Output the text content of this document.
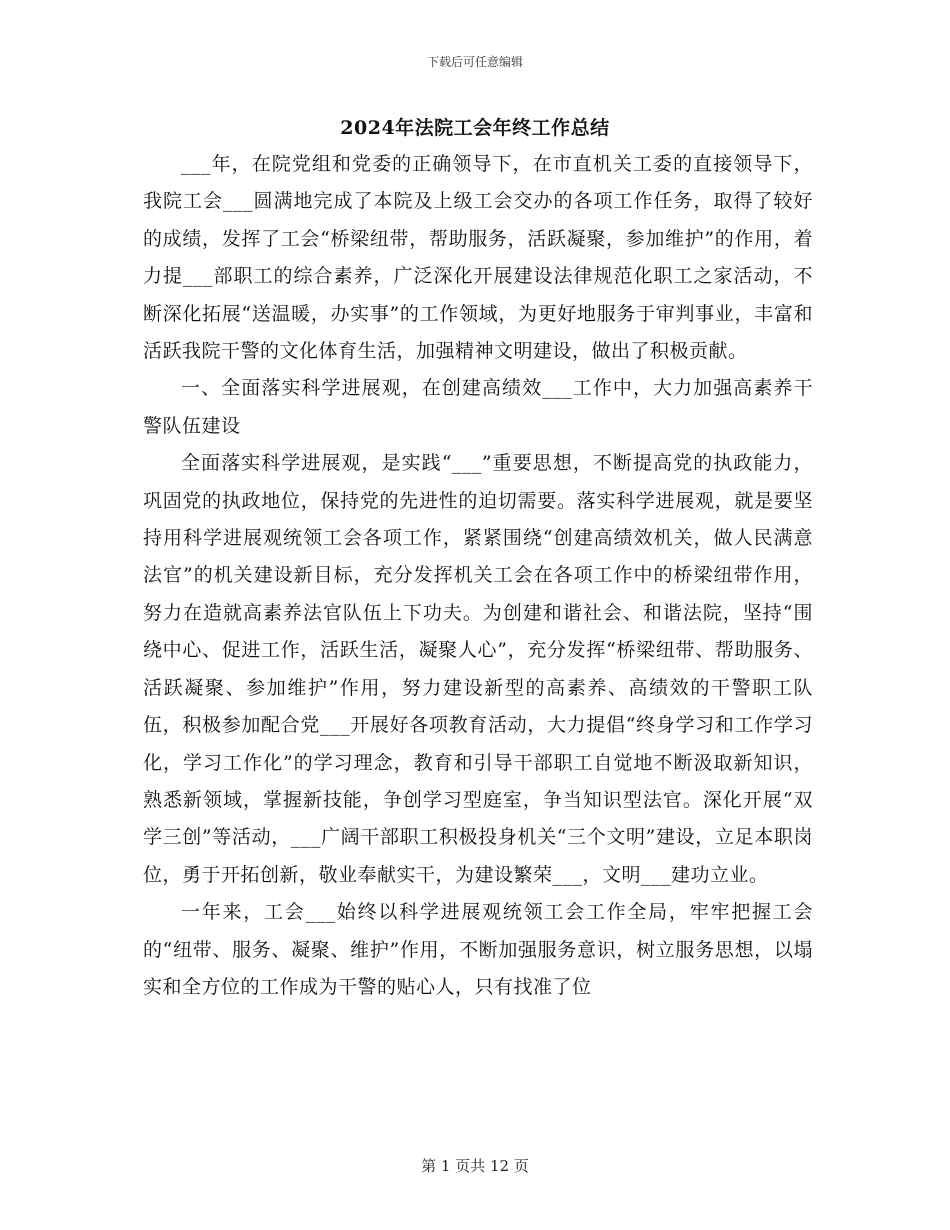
下载后可任意编辑
2024年法院工会年终工作总结

___年，在院党组和党委的正确领导下，在市直机关工委的直接领导下，我院工会___圆满地完成了本院及上级工会交办的各项工作任务，取得了较好的成绩，发挥了工会“桥梁纽带，帮助服务，活跃凝聚，参加维护”的作用，着力提___部职工的综合素养，广泛深化开展建设法律规范化职工之家活动，不断深化拓展“送温暖，办实事”的工作领域，为更好地服务于审判事业，丰富和活跃我院干警的文化体育生活，加强精神文明建设，做出了积极贡献。

一、全面落实科学进展观，在创建高绩效___工作中，大力加强高素养干警队伍建设

全面落实科学进展观，是实践“___”重要思想，不断提高党的执政能力，巩固党的执政地位，保持党的先进性的迫切需要。落实科学进展观，就是要坚持用科学进展观统领工会各项工作，紧紧围绕“创建高绩效机关，做人民满意法官”的机关建设新目标，充分发挥机关工会在各项工作中的桥梁纽带作用，努力在造就高素养法官队伍上下功夫。为创建和谐社会、和谐法院，坚持“围绕中心、促进工作，活跃生活，凝聚人心”，充分发挥“桥梁纽带、帮助服务、活跃凝聚、参加维护”作用，努力建设新型的高素养、高绩效的干警职工队伍，积极参加配合党___开展好各项教育活动，大力提倡“终身学习和工作学习化，学习工作化”的学习理念，教育和引导干部职工自觉地不断汲取新知识，熟悉新领域，掌握新技能，争创学习型庭室，争当知识型法官。深化开展“双学三创”等活动，___广阔干部职工积极投身机关“三个文明”建设，立足本职岗位，勇于开拓创新，敬业奉献实干，为建设繁荣___，文明___建功立业。

一年来，工会___始终以科学进展观统领工会工作全局，牢牢把握工会的“纽带、服务、凝聚、维护”作用，不断加强服务意识，树立服务思想，以塌实和全方位的工作成为干警的贴心人，只有找准了位

第 1 页共 12 页
